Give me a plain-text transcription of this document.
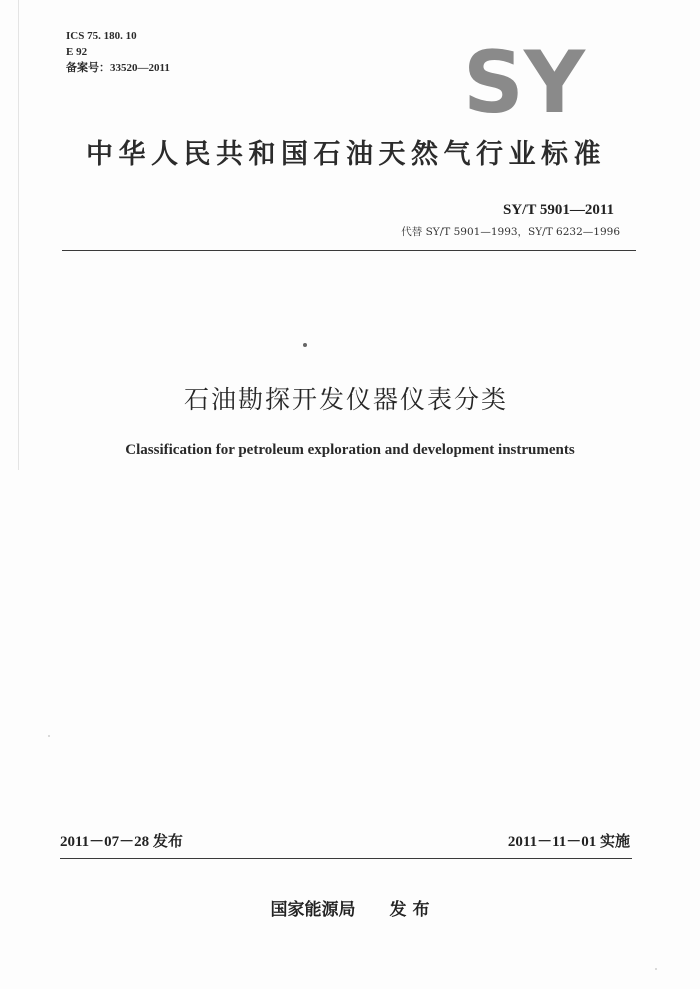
ICS 75. 180. 10
E 92
备案号：33520—2011	SY
中华人民共和国石油天然气行业标准
SY/T 5901—2011
代替 SY/T 5901—1993，SY/T 6232—1996
石油勘探开发仪器仪表分类
Classification for petroleum exploration and development instruments
2011－07－28 发布	2011－11－01 实施
国家能源局 发 布
